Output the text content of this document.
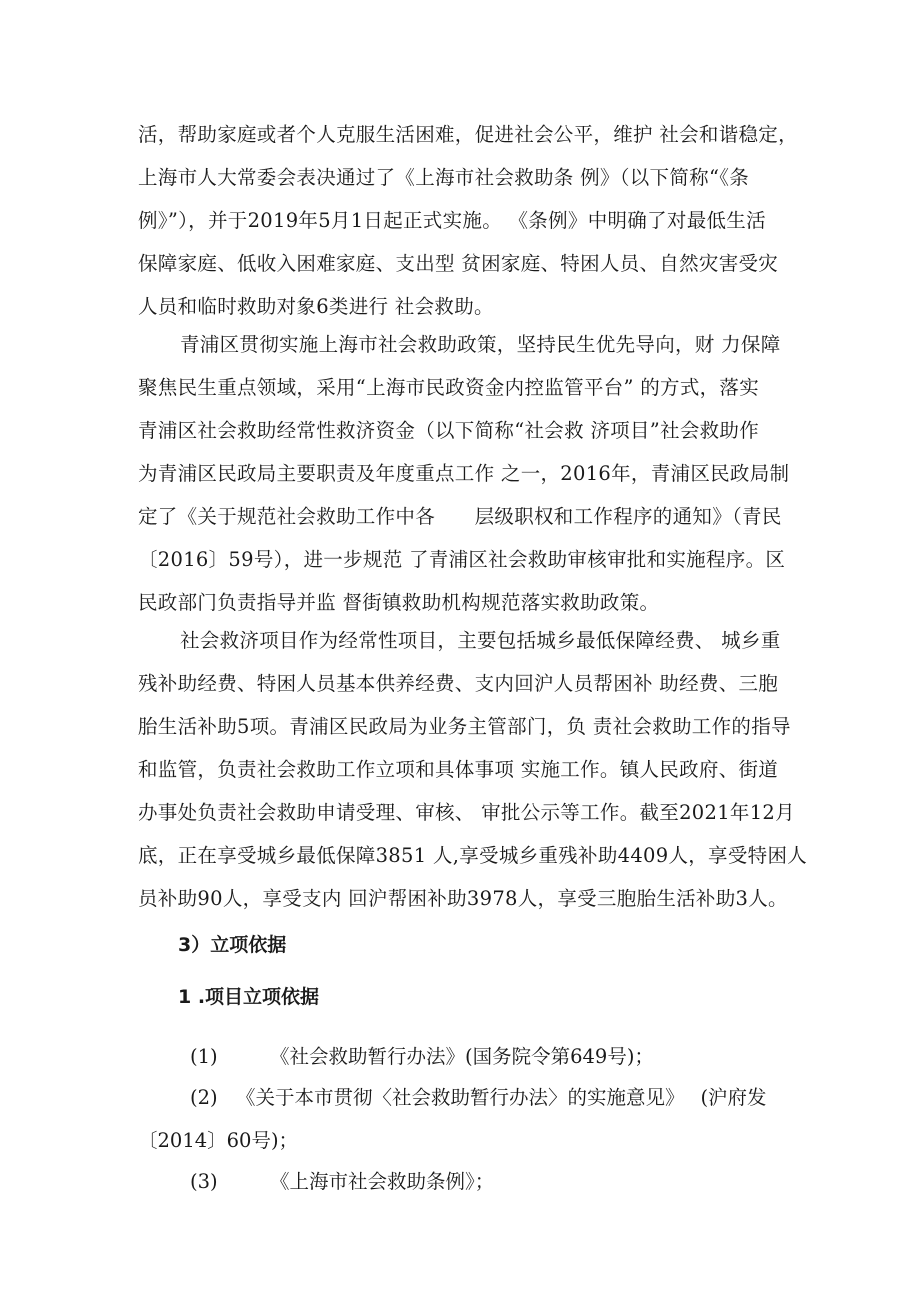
活，帮助家庭或者个人克服生活困难，促进社会公平，维护 社会和谐稳定，

上海市人大常委会表决通过了《上海市社会救助条 例》（以下简称“《条

例》”），并于2019年5月1日起正式实施。 《条例》中明确了对最低生活

保障家庭、低收入困难家庭、支出型 贫困家庭、特困人员、自然灾害受灾

人员和临时救助对象6类进行 社会救助。

青浦区贯彻实施上海市社会救助政策，坚持民生优先导向，财 力保障

聚焦民生重点领域，采用“上海市民政资金内控监管平台” 的方式，落实

青浦区社会救助经常性救济资金（以下简称“社会救 济项目”社会救助作

为青浦区民政局主要职责及年度重点工作 之一，2016年，青浦区民政局制

定了《关于规范社会救助工作中各　　层级职权和工作程序的通知》（青民

〔2016〕59号），进一步规范 了青浦区社会救助审核审批和实施程序。区

民政部门负责指导并监 督街镇救助机构规范落实救助政策。

社会救济项目作为经常性项目，主要包括城乡最低保障经费、 城乡重

残补助经费、特困人员基本供养经费、支内回沪人员帮困补 助经费、三胞

胎生活补助5项。青浦区民政局为业务主管部门，负 责社会救助工作的指导

和监管，负责社会救助工作立项和具体事项 实施工作。镇人民政府、街道

办事处负责社会救助申请受理、审核、 审批公示等工作。截至2021年12月

底，正在享受城乡最低保障3851 人,享受城乡重残补助4409人，享受特困人

员补助90人，享受支内 回沪帮困补助3978人，享受三胞胎生活补助3人。

3）立项依据

1 .项目立项依据

(1)	《社会救助暂行办法》(国务院令第649号)；
(2) 《关于本市贯彻〈社会救助暂行办法〉的实施意见》　 (沪府发
〔2014〕60号)；
(3)	《上海市社会救助条例》；
